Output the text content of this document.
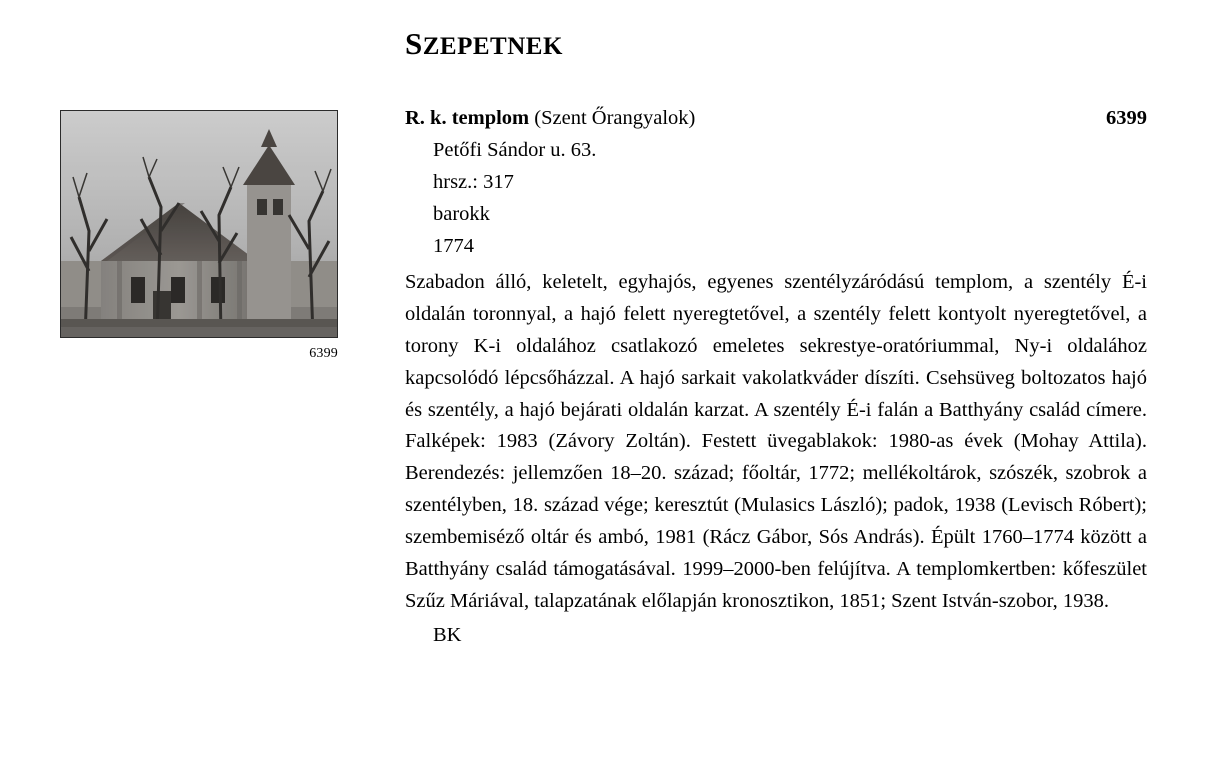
6399
SZEPETNEK
R. k. templom (Szent Őrangyalok)	6399
Petőfi Sándor u. 63.
hrsz.: 317
barokk
1774

Szabadon álló, keletelt, egyhajós, egyenes szentélyzáródású templom, a szentély É-i oldalán toronnyal, a hajó felett nyeregtetővel, a szentély felett kontyolt nyeregtetővel, a torony K-i oldalához csatlakozó emeletes sekrestye-oratóriummal, Ny-i oldalához kapcsolódó lépcsőházzal. A hajó sarkait vakolatkváder díszíti. Csehsüveg boltozatos hajó és szentély, a hajó bejárati oldalán karzat. A szentély É-i falán a Batthyány család címere. Falképek: 1983 (Závory Zoltán). Festett üvegablakok: 1980-as évek (Mohay Attila). Berendezés: jellemzően 18–20. század; főoltár, 1772; mellékoltárok, szószék, szobrok a szentélyben, 18. század vége; keresztút (Mulasics László); padok, 1938 (Levisch Róbert); szembemiséző oltár és ambó, 1981 (Rácz Gábor, Sós András). Épült 1760–1774 között a Batthyány család támogatásával. 1999–2000-ben felújítva. A templomkertben: kőfeszület Szűz Máriával, talapzatának előlapján kronosztikon, 1851; Szent István-szobor, 1938.

BK
